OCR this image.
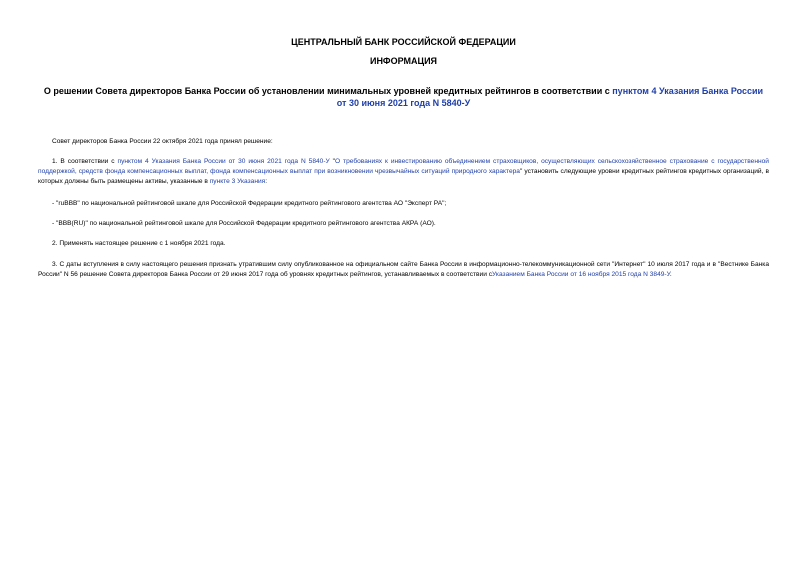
ЦЕНТРАЛЬНЫЙ БАНК РОССИЙСКОЙ ФЕДЕРАЦИИ
ИНФОРМАЦИЯ
О решении Совета директоров Банка России об установлении минимальных уровней кредитных рейтингов в соответствии с пунктом 4 Указания Банка России от 30 июня 2021 года N 5840-У
Совет директоров Банка России 22 октября 2021 года принял решение:
1. В соответствии с пунктом 4 Указания Банка России от 30 июня 2021 года N 5840-У "О требованиях к инвестированию объединением страховщиков, осуществляющих сельскохозяйственное страхование с государственной поддержкой, средств фонда компенсационных выплат, фонда компенсационных выплат при возникновении чрезвычайных ситуаций природного характера" установить следующие уровни кредитных рейтингов кредитных организаций, в которых должны быть размещены активы, указанные в пункте 3 Указания:
- "ruBBB" по национальной рейтинговой шкале для Российской Федерации кредитного рейтингового агентства АО "Эксперт РА";
- "BBB(RU)" по национальной рейтинговой шкале для Российской Федерации кредитного рейтингового агентства АКРА (АО).
2. Применять настоящее решение с 1 ноября 2021 года.
3. С даты вступления в силу настоящего решения признать утратившим силу опубликованное на официальном сайте Банка России в информационно-телекоммуникационной сети "Интернет" 10 июля 2017 года и в "Вестнике Банка России" N 56 решение Совета директоров Банка России от 29 июня 2017 года об уровнях кредитных рейтингов, устанавливаемых в соответствии сУказанием Банка России от 16 ноября 2015 года N 3849-У.
